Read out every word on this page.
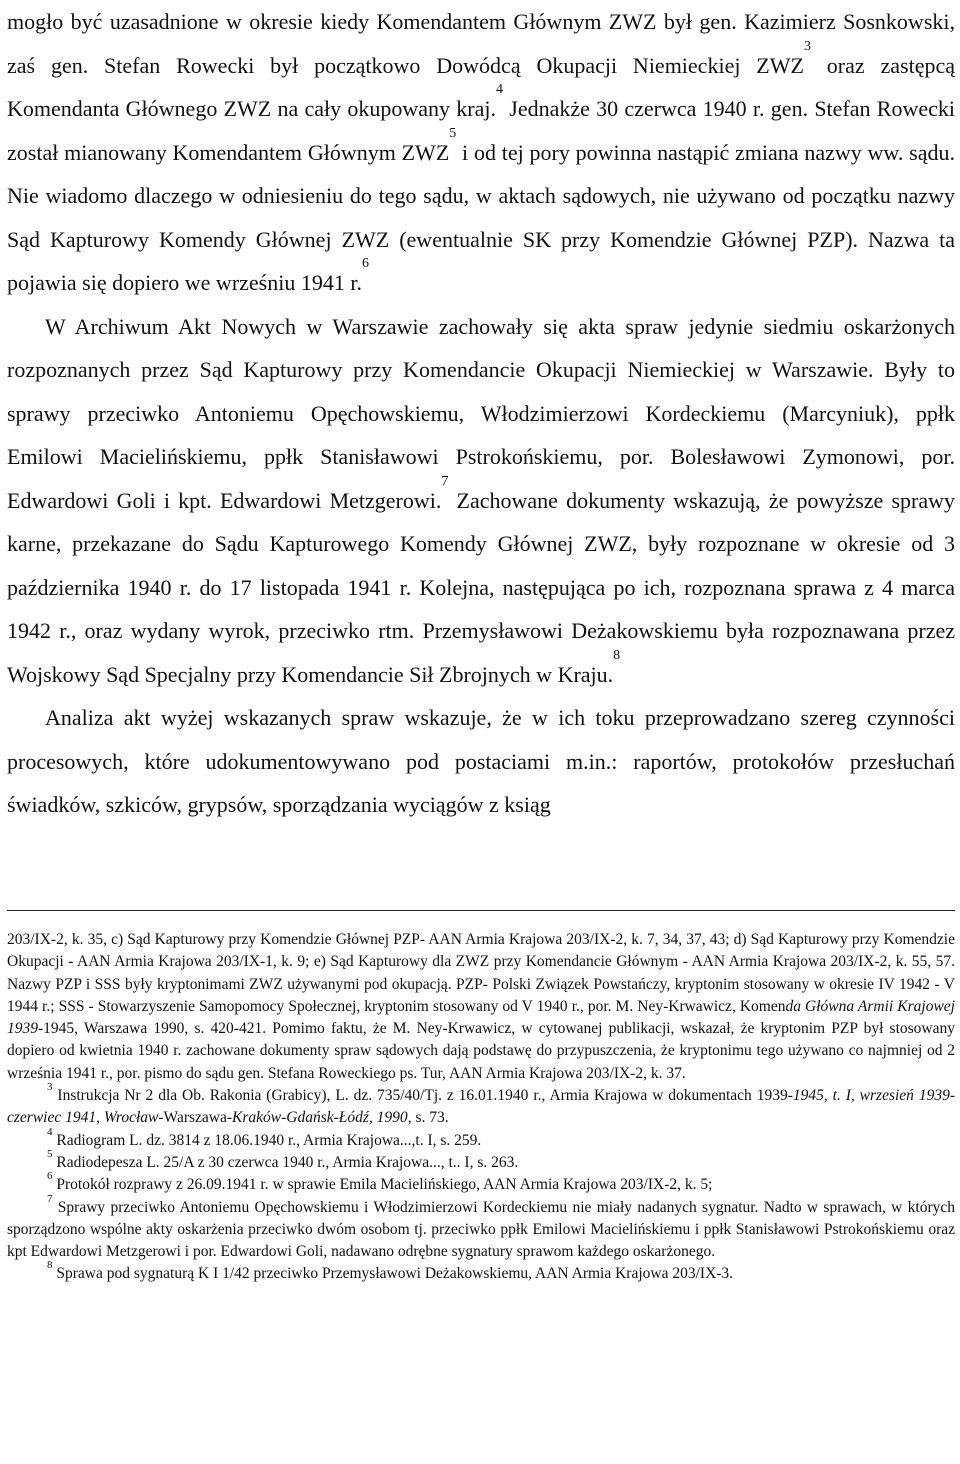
mogło być uzasadnione w okresie kiedy Komendantem Głównym ZWZ był gen. Kazimierz Sosnkowski, zaś gen. Stefan Rowecki był początkowo Dowódcą Okupacji Niemieckiej ZWZ$^3$ oraz zastępcą Komendanta Głównego ZWZ na cały okupowany kraj.$^4$ Jednakże 30 czerwca 1940 r. gen. Stefan Rowecki został mianowany Komendantem Głównym ZWZ$^5$ i od tej pory powinna nastąpić zmiana nazwy ww. sądu. Nie wiadomo dlaczego w odniesieniu do tego sądu, w aktach sądowych, nie używano od początku nazwy Sąd Kapturowy Komendy Głównej ZWZ (ewentualnie SK przy Komendzie Głównej PZP). Nazwa ta pojawia się dopiero we wrześniu 1941 r.$^6$

W Archiwum Akt Nowych w Warszawie zachowały się akta spraw jedynie siedmiu oskarżonych rozpoznanych przez Sąd Kapturowy przy Komendancie Okupacji Niemieckiej w Warszawie. Były to sprawy przeciwko Antoniemu Opęchowskiemu, Włodzimierzowi Kordeckiemu (Marcyniuk), ppłk Emilowi Macielińskiemu, ppłk Stanisławowi Pstrokońskiemu, por. Bolesławowi Zymonowi, por. Edwardowi Goli i kpt. Edwardowi Metzgerowi.$^7$ Zachowane dokumenty wskazują, że powyższe sprawy karne, przekazane do Sądu Kapturowego Komendy Głównej ZWZ, były rozpoznane w okresie od 3 października 1940 r. do 17 listopada 1941 r. Kolejna, następująca po ich, rozpoznana sprawa z 4 marca 1942 r., oraz wydany wyrok, przeciwko rtm. Przemysławowi Deżakowskiemu była rozpoznawana przez Wojskowy Sąd Specjalny przy Komendancie Sił Zbrojnych w Kraju.$^8$

Analiza akt wyżej wskazanych spraw wskazuje, że w ich toku przeprowadzano szereg czynności procesowych, które udokumentowywano pod postaciami m.in.: raportów, protokołów przesłuchań świadków, szkiców, grypsów, sporządzania wyciągów z ksiąg

203/IX-2, k. 35, c) Sąd Kapturowy przy Komendzie Głównej PZP- AAN Armia Krajowa 203/IX-2, k. 7, 34, 37, 43; d) Sąd Kapturowy przy Komendzie Okupacji - AAN Armia Krajowa 203/IX-1, k. 9; e) Sąd Kapturowy dla ZWZ przy Komendancie Głównym - AAN Armia Krajowa 203/IX-2, k. 55, 57. Nazwy PZP i SSS były kryptonimami ZWZ używanymi pod okupacją. PZP- Polski Związek Powstańczy, kryptonim stosowany w okresie IV 1942 - V 1944 r.; SSS - Stowarzyszenie Samopomocy Społecznej, kryptonim stosowany od V 1940 r., por. M. Ney-Krwawicz, Komenda Główna Armii Krajowej 1939-1945, Warszawa 1990, s. 420-421. Pomimo faktu, że M. Ney-Krwawicz, w cytowanej publikacji, wskazał, że kryptonim PZP był stosowany dopiero od kwietnia 1940 r. zachowane dokumenty spraw sądowych dają podstawę do przypuszczenia, że kryptonimu tego używano co najmniej od 2 września 1941 r., por. pismo do sądu gen. Stefana Roweckiego ps. Tur, AAN Armia Krajowa 203/IX-2, k. 37.

$^3$ Instrukcja Nr 2 dla Ob. Rakonia (Grabicy), L. dz. 735/40/Tj. z 16.01.1940 r., Armia Krajowa w dokumentach 1939-1945, t. I, wrzesień 1939-czerwiec 1941, Wrocław-Warszawa-Kraków-Gdańsk-Łódź, 1990, s. 73.

$^4$ Radiogram L. dz. 3814 z 18.06.1940 r., Armia Krajowa...,t. I, s. 259.

$^5$ Radiodepesza L. 25/A z 30 czerwca 1940 r., Armia Krajowa..., t.. I, s. 263.

$^6$ Protokół rozprawy z 26.09.1941 r. w sprawie Emila Macielińskiego, AAN Armia Krajowa 203/IX-2, k. 5;

$^7$ Sprawy przeciwko Antoniemu Opęchowskiemu i Włodzimierzowi Kordeckiemu nie miały nadanych sygnatur. Nadto w sprawach, w których sporządzono wspólne akty oskarżenia przeciwko dwóm osobom tj. przeciwko ppłk Emilowi Macielińskiemu i ppłk Stanisławowi Pstrokońskiemu oraz kpt Edwardowi Metzgerowi i por. Edwardowi Goli, nadawano odrębne sygnatury sprawom każdego oskarżonego.

$^8$ Sprawa pod sygnaturą K I 1/42 przeciwko Przemysławowi Deżakowskiemu, AAN Armia Krajowa 203/IX-3.
